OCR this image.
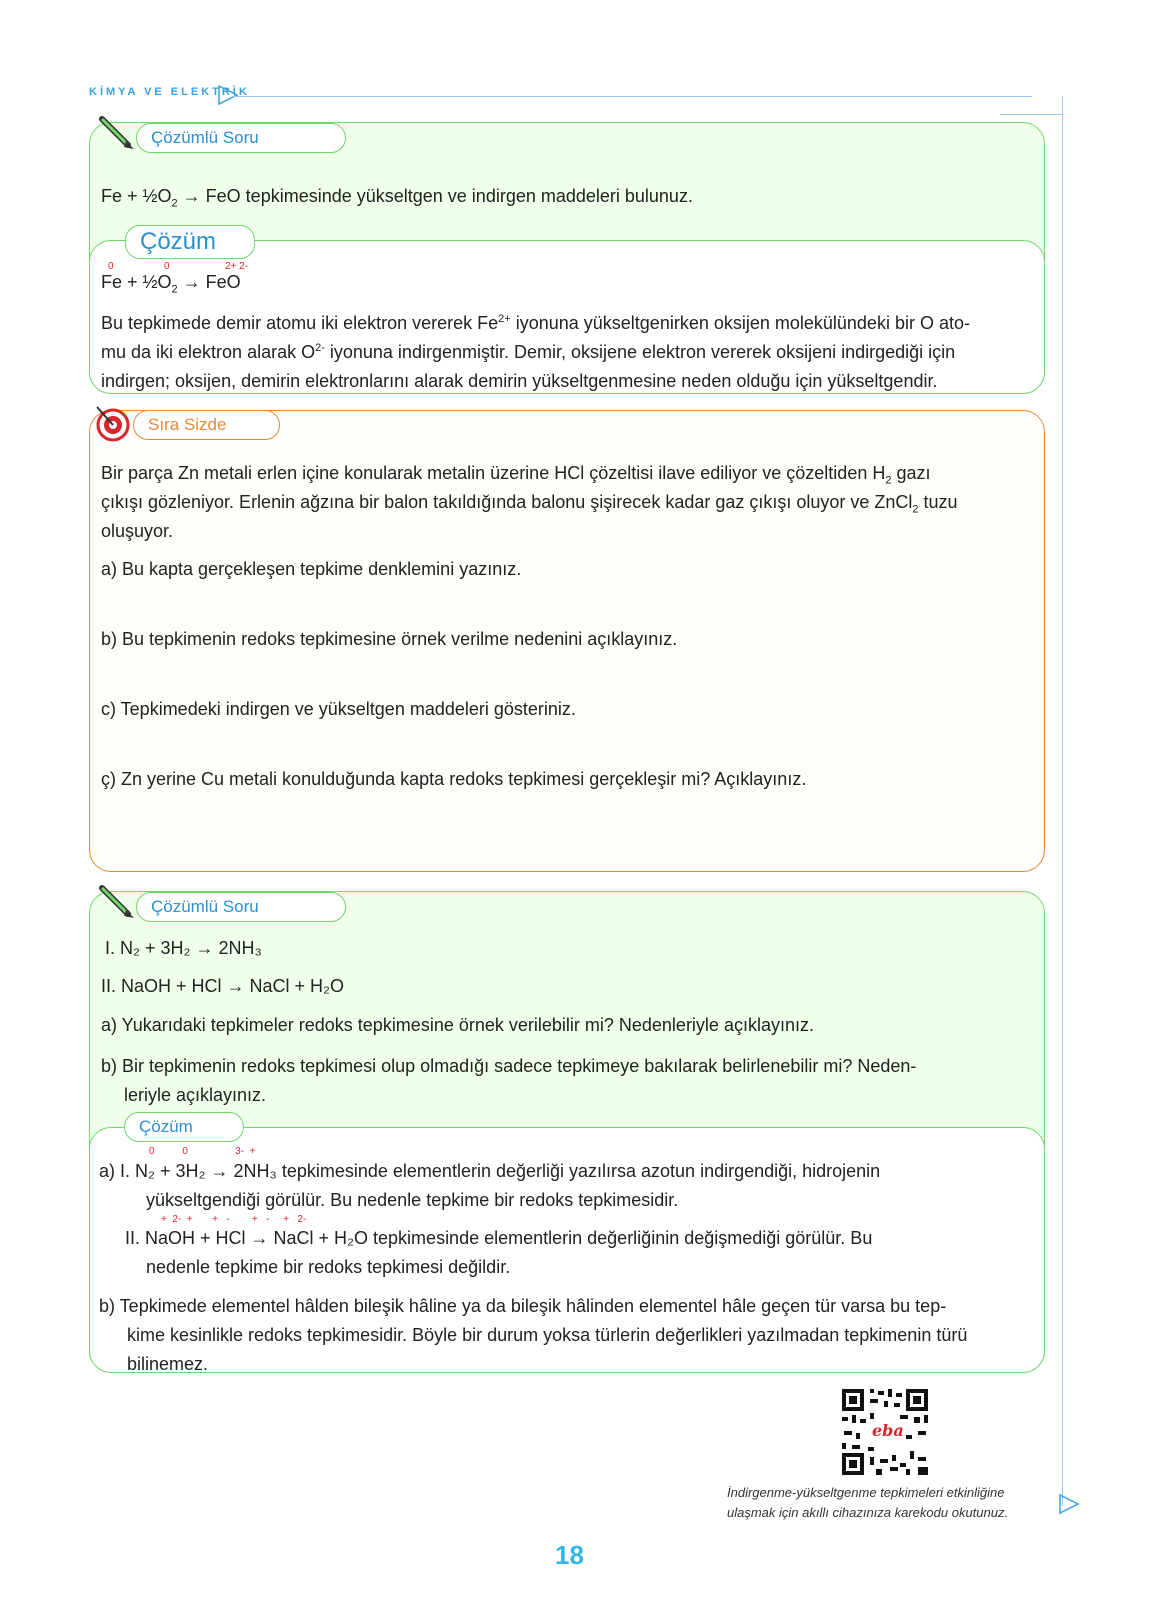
KİMYA VE ELEKTRİK
Çözümlü Soru
$Fe + \frac{1}{2}O_2$ → FeO tepkimesinde yükseltgen ve indirgen maddeleri bulunuz.
Çözüm
0	0	2+ 2-
$Fe + \frac{1}{2}O_2$ → FeO
Bu tepkimede demir atomu iki elektron vererek $Fe^{2+}$ iyonuna yükseltgenirken oksijen molekülündeki bir O ato-
mu da iki elektron alarak $O^{2-}$ iyonuna indirgenmiştir. Demir, oksijene elektron vererek oksijeni indirgediği için
indirgen; oksijen, demirin elektronlarını alarak demirin yükseltgenmesine neden olduğu için yükseltgendir.
Sıra Sizde
Bir parça Zn metali erlen içine konularak metalin üzerine HCl çözeltisi ilave ediliyor ve çözeltiden $H_2$ gazı
çıkışı gözleniyor. Erlenin ağzına bir balon takıldığında balonu şişirecek kadar gaz çıkışı oluyor ve ZnCl$_2$ tuzu
oluşuyor.
a) Bu kapta gerçekleşen tepkime denklemini yazınız.
b) Bu tepkimenin redoks tepkimesine örnek verilme nedenini açıklayınız.
c) Tepkimedeki indirgen ve yükseltgen maddeleri gösteriniz.
ç) Zn yerine Cu metali konulduğunda kapta redoks tepkimesi gerçekleşir mi? Açıklayınız.
Çözümlü Soru
I. N₂ + 3H₂ → 2NH₃
II. NaOH + HCl → NaCl + H₂O
a) Yukarıdaki tepkimeler redoks tepkimesine örnek verilebilir mi? Nedenleriyle açıklayınız.
b) Bir tepkimenin redoks tepkimesi olup olmadığı sadece tepkimeye bakılarak belirlenebilir mi? Neden-
leriyle açıklayınız.
Çözüm
0          0                 3-  +
a) I. N₂ + 3H₂ → 2NH₃ tepkimesinde elementlerin değerliği yazılırsa azotun indirgendiği, hidrojenin
yükseltgendiği görülür. Bu nedenle tepkime bir redoks tepkimesidir.
+  2-  +       +   -        +   -     +   2-
II. NaOH + HCl → NaCl + H₂O tepkimesinde elementlerin değerliğinin değişmediği görülür. Bu
nedenle tepkime bir redoks tepkimesi değildir.
b) Tepkimede elementel hâlden bileşik hâline ya da bileşik hâlinden elementel hâle geçen tür varsa bu tep-
kime kesinlikle redoks tepkimesidir. Böyle bir durum yoksa türlerin değerlikleri yazılmadan tepkimenin türü
bilinemez.
eba
İndirgenme-yükseltgenme tepkimeleri etkinliğine
ulaşmak için akıllı cihazınıza karekodu okutunuz.
18
